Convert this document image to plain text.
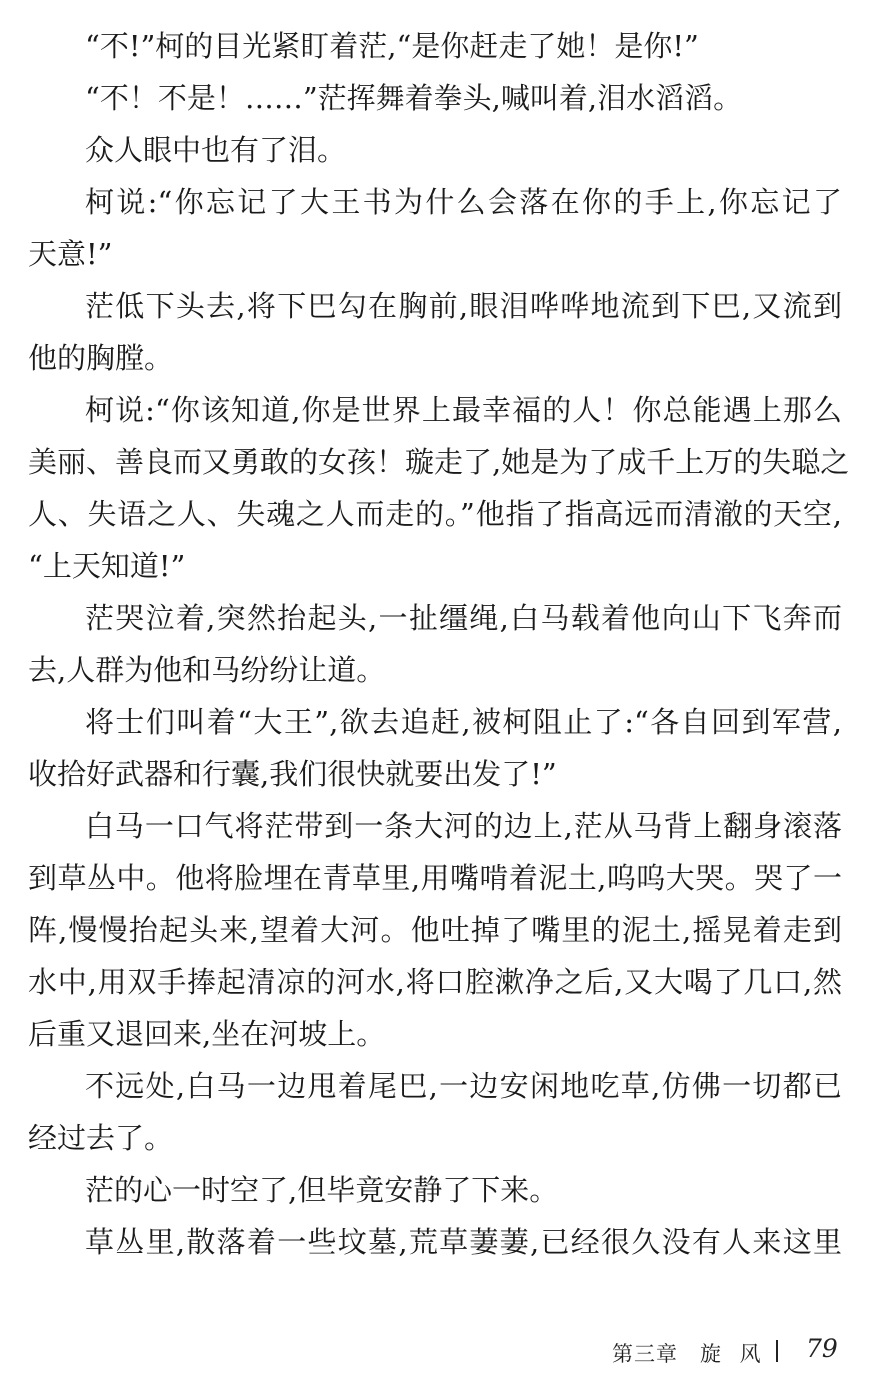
“不!”柯的目光紧盯着茫,“是你赶走了她！是你!”
“不！不是！……”茫挥舞着拳头,喊叫着,泪水滔滔。
众人眼中也有了泪。
柯说:“你忘记了大王书为什么会落在你的手上,你忘记了
天意!”
茫低下头去,将下巴勾在胸前,眼泪哗哗地流到下巴,又流到
他的胸膛。
柯说:“你该知道,你是世界上最幸福的人！你总能遇上那么
美丽、善良而又勇敢的女孩！璇走了,她是为了成千上万的失聪之
人、失语之人、失魂之人而走的。”他指了指高远而清澈的天空,
“上天知道!”
茫哭泣着,突然抬起头,一扯缰绳,白马载着他向山下飞奔而
去,人群为他和马纷纷让道。
将士们叫着“大王”,欲去追赶,被柯阻止了:“各自回到军营,
收拾好武器和行囊,我们很快就要出发了!”
白马一口气将茫带到一条大河的边上,茫从马背上翻身滚落
到草丛中。他将脸埋在青草里,用嘴啃着泥土,呜呜大哭。哭了一
阵,慢慢抬起头来,望着大河。他吐掉了嘴里的泥土,摇晃着走到
水中,用双手捧起清凉的河水,将口腔漱净之后,又大喝了几口,然
后重又退回来,坐在河坡上。
不远处,白马一边甩着尾巴,一边安闲地吃草,仿佛一切都已
经过去了。
茫的心一时空了,但毕竟安静了下来。
草丛里,散落着一些坟墓,荒草萋萋,已经很久没有人来这里
第三章 旋 风 79
